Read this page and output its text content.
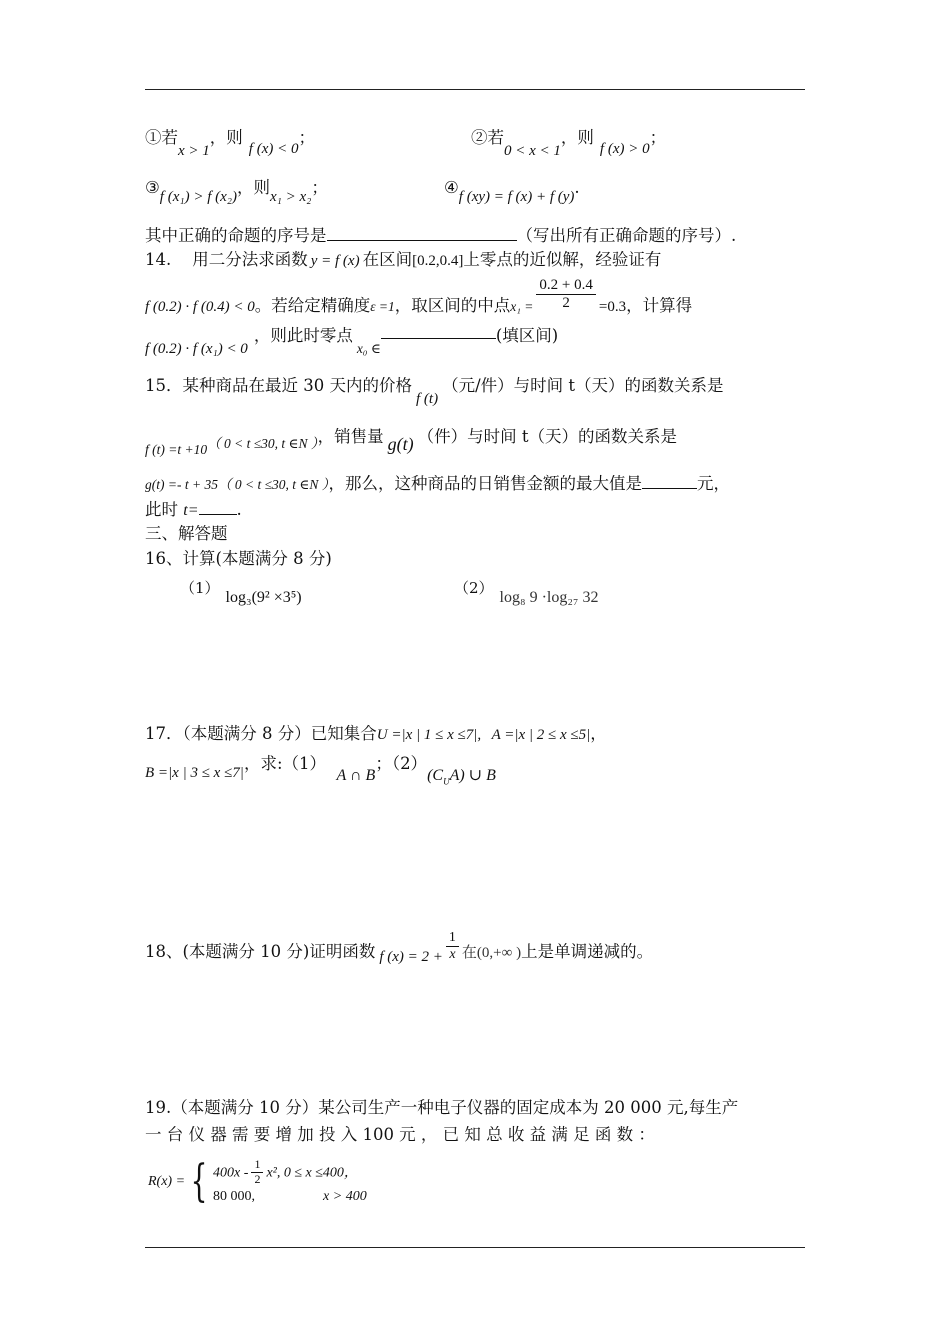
①若x > 1，则f (x) < 0；	②若0 < x < 1，则f (x) > 0；
③f (x₁) > f (x₂)，则x₁ > x₂；	④f (xy) = f (x) + f (y).
其中正确的命题的序号是	（写出所有正确命题的序号）.
14. 用二分法求函数 y = f (x) 在区间[0.2,0.4]上零点的近似解，经验证有
f (0.2) · f (0.4) < 0。若给定精确度$_{\varepsilon =1}$，取区间的中点$_{x_1 =} \frac{0.2 + 0.4}{2} =0.3$，计算得
f (0.2) · f (x₁) < 0，则此时零点$_{x_0 \in}$(填区间)
15．某种商品在最近 30 天内的价格f (t)（元/件）与时间 t（天）的函数关系是
$_{f (t) =t +10( 0 < t \le 30, t \in N )}$，销售量 g(t) （件）与时间 t（天）的函数关系是
g(t) =- t + 35（ 0 < t ≤30, t ∈N ），那么，这种商品的日销售金额的最大值是	元，
此时 t= .
三、解答题
16、计算(本题满分 8 分)
（1）log₃(9² ×3⁵)
（2）log₈ 9 ·log₂₇ 32
17．（本题满分 8 分）已知集合U =|x | 1 ≤ x ≤7|, A =|x | 2 ≤ x ≤5|，
B =|x | 3 ≤ x ≤7|，求:（1）  A ∩ B；$(2)(C_UA)$ ∪ B
18、(本题满分 10 分)证明函数 f $(x) = 2 + \frac{1}{x}$ 在(0,+∞ )上是单调递减的。
19.（本题满分 10 分）某公司生产一种电子仪器的固定成本为 20 000 元,每生产
一 台 仪 器 需 要 增 加 投 入 100 元 ， 已 知 总 收 益 满 足 函 数 ：
R(x) = { $400x - \frac{1}{2} x^2$, 0 ≤ x ≤400，
80 000,	x > 400
